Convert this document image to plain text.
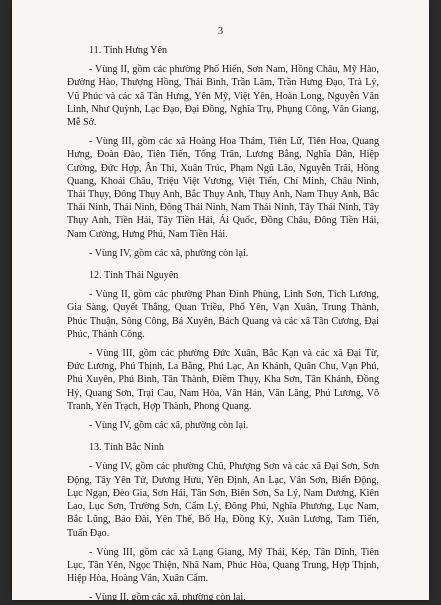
3

11. Tỉnh Hưng Yên

- Vùng II, gồm các phường Phố Hiến, Sơn Nam, Hồng Châu, Mỹ Hào, Đường Hào, Thượng Hồng, Thái Bình, Trần Lãm, Trần Hưng Đạo, Trà Lý, Vũ Phúc và các xã Tân Hưng, Yên Mỹ, Việt Yên, Hoàn Long, Nguyễn Văn Linh, Như Quỳnh, Lạc Đạo, Đại Đồng, Nghĩa Trụ, Phụng Công, Văn Giang, Mễ Sở.

- Vùng III, gồm các xã Hoàng Hoa Thám, Tiên Lữ, Tiên Hoa, Quang Hưng, Đoàn Đào, Tiên Tiến, Tống Trân, Lương Bằng, Nghĩa Dân, Hiệp Cường, Đức Hợp, Ân Thi, Xuân Trúc, Phạm Ngũ Lão, Nguyễn Trãi, Hồng Quang, Khoái Châu, Triệu Việt Vương, Việt Tiến, Chí Minh, Châu Ninh, Thái Thụy, Đông Thụy Anh, Bắc Thụy Anh, Thụy Anh, Nam Thụy Anh, Bắc Thái Ninh, Thái Ninh, Đông Thái Ninh, Nam Thái Ninh, Tây Thái Ninh, Tây Thụy Anh, Tiền Hải, Tây Tiền Hải, Ái Quốc, Đồng Châu, Đông Tiền Hải, Nam Cường, Hưng Phú, Nam Tiền Hải.

- Vùng IV, gồm các xã, phường còn lại.

12. Tỉnh Thái Nguyên

- Vùng II, gồm các phường Phan Đình Phùng, Linh Sơn, Tích Lương, Gia Sàng, Quyết Thắng, Quan Triều, Phổ Yên, Vạn Xuân, Trung Thành, Phúc Thuận, Sông Công, Bá Xuyên, Bách Quang và các xã Tân Cương, Đại Phúc, Thành Công.

- Vùng III, gồm các phường Đức Xuân, Bắc Kạn và các xã Đại Từ, Đức Lương, Phú Thịnh, La Bằng, Phú Lạc, An Khánh, Quân Chu, Vạn Phú, Phú Xuyên, Phú Bình, Tân Thành, Điềm Thụy, Kha Sơn, Tân Khánh, Đồng Hỷ, Quang Sơn, Trại Cau, Nam Hòa, Văn Hán, Văn Lăng, Phú Lương, Vô Tranh, Yên Trạch, Hợp Thành, Phong Quang.

- Vùng IV, gồm các xã, phường còn lại.

13. Tỉnh Bắc Ninh

- Vùng IV, gồm các phường Chũ, Phượng Sơn và các xã Đại Sơn, Sơn Động, Tây Yên Tử, Dương Hưu, Yên Định, An Lạc, Vân Sơn, Biển Động, Lục Ngạn, Đèo Gia, Sơn Hải, Tân Sơn, Biên Sơn, Sa Lý, Nam Dương, Kiên Lao, Lục Sơn, Trường Sơn, Cẩm Lý, Đông Phú, Nghĩa Phương, Lục Nam, Bắc Lũng, Bảo Đài, Yên Thế, Bố Hạ, Đồng Kỳ, Xuân Lương, Tam Tiến, Tuấn Đạo.

- Vùng III, gồm các xã Lạng Giang, Mỹ Thái, Kép, Tân Dĩnh, Tiên Lục, Tân Yên, Ngọc Thiện, Nhã Nam, Phúc Hòa, Quang Trung, Hợp Thịnh, Hiệp Hòa, Hoàng Vân, Xuân Cẩm.

- Vùng II, gồm các xã, phường còn lại.
